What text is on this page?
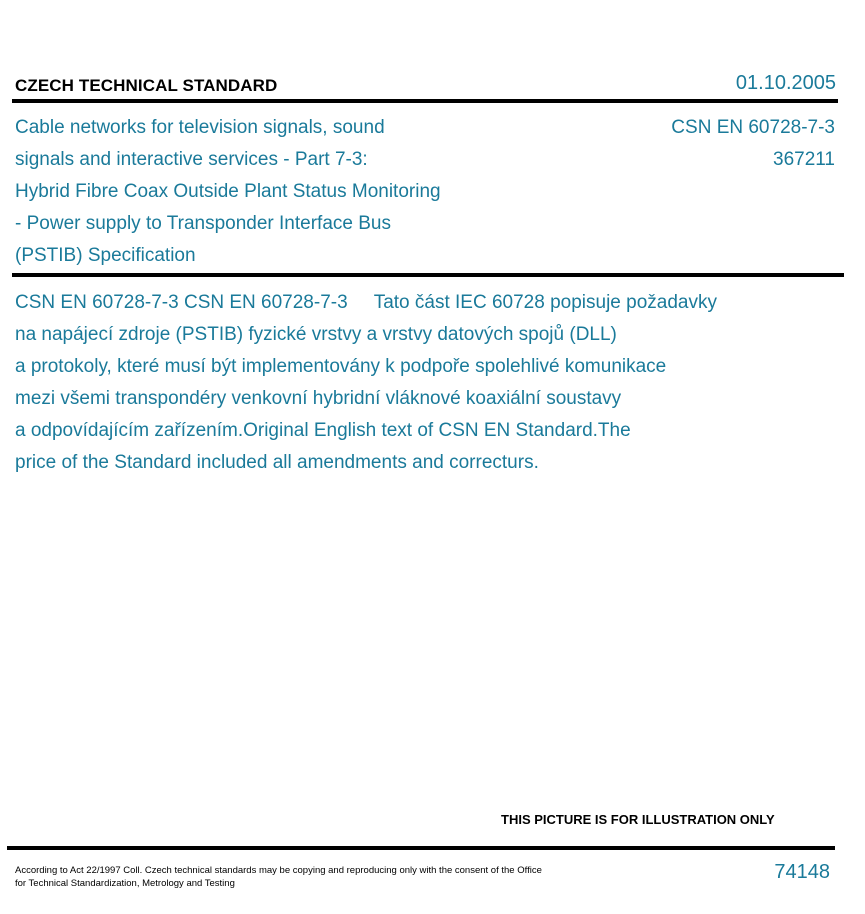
CZECH TECHNICAL STANDARD	01.10.2005
Cable networks for television signals, sound
signals and interactive services - Part 7-3:
Hybrid Fibre Coax Outside Plant Status Monitoring
- Power supply to Transponder Interface Bus
(PSTIB) Specification
CSN EN 60728-7-3
367211
CSN EN 60728-7-3 CSN EN 60728-7-3     Tato část IEC 60728 popisuje požadavky
na napájecí zdroje (PSTIB) fyzické vrstvy a vrstvy datových spojů (DLL)
a protokoly, které musí být implementovány k podpoře spolehlivé komunikace
mezi všemi transpondéry venkovní hybridní vláknové koaxiální soustavy
a odpovídajícím zařízením.Original English text of CSN EN Standard.The
price of the Standard included all amendments and correcturs.
THIS PICTURE IS FOR ILLUSTRATION ONLY
According to Act 22/1997 Coll. Czech technical standards may be copying and reproducing only with the consent of the Office
for Technical Standardization, Metrology and Testing
74148
